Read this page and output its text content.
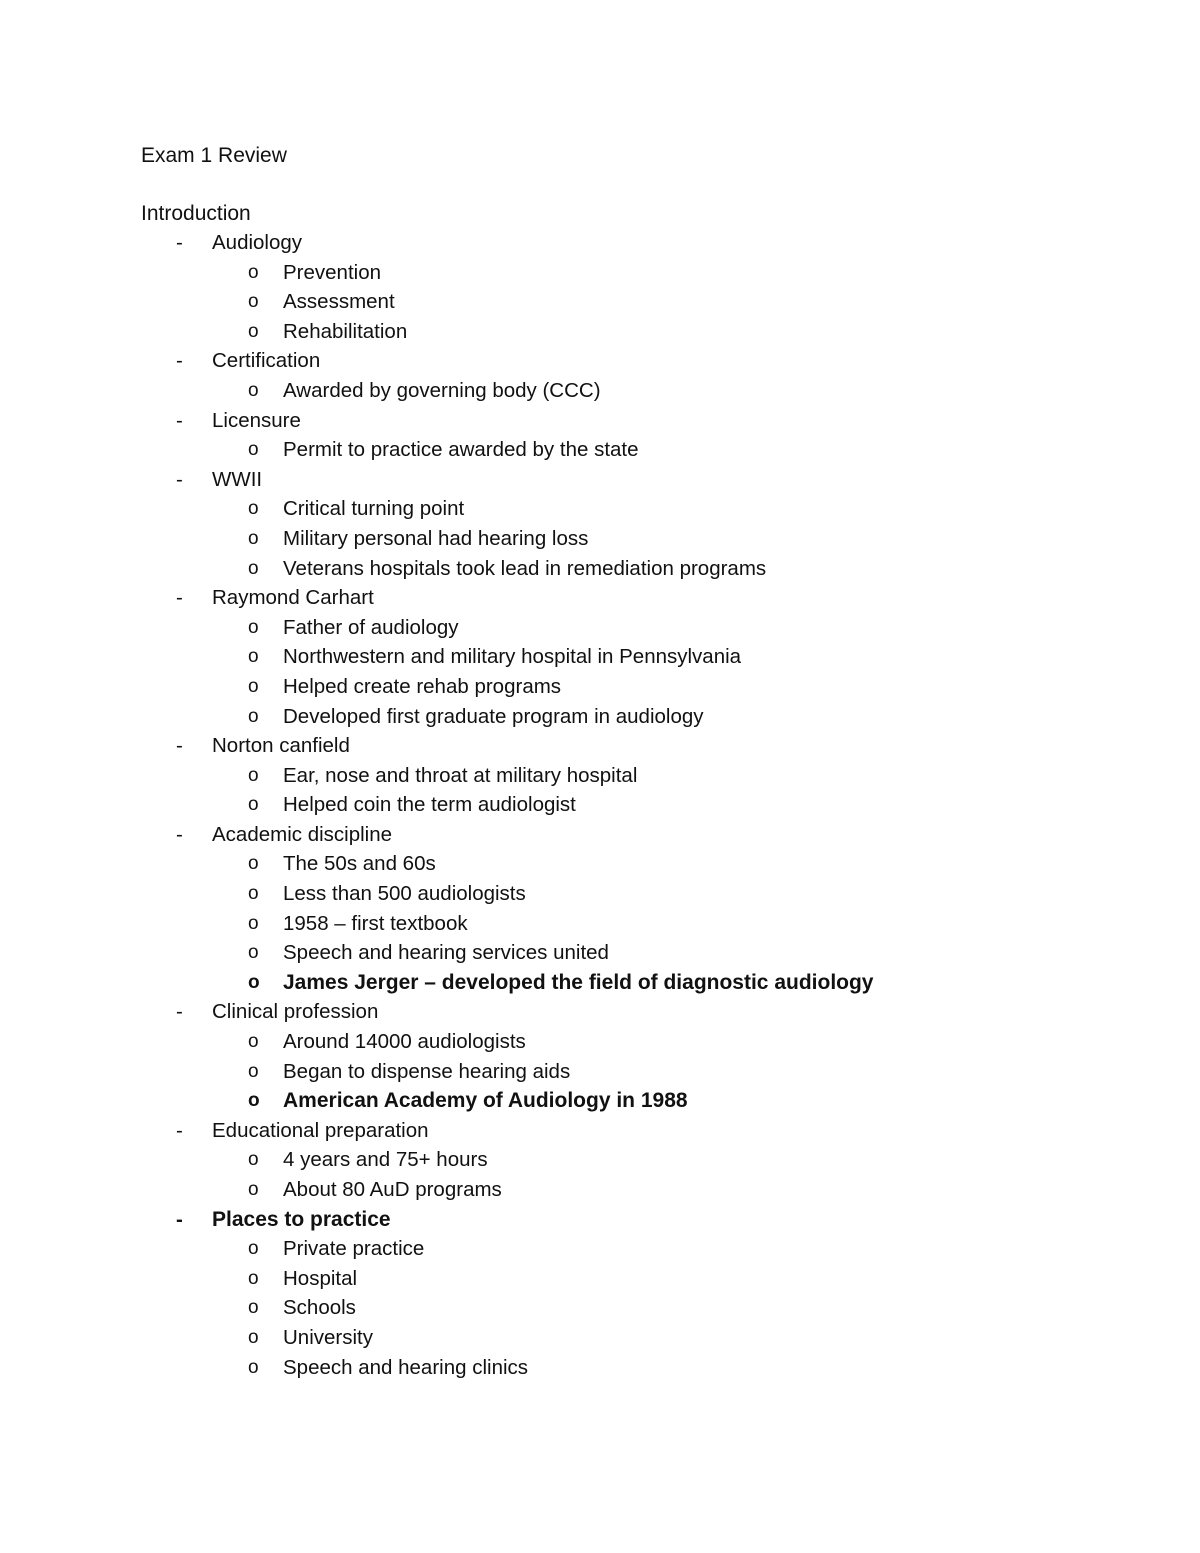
Exam 1 Review
Introduction
- Audiology
o Prevention
o Assessment
o Rehabilitation
- Certification
o Awarded by governing body (CCC)
- Licensure
o Permit to practice awarded by the state
- WWII
o Critical turning point
o Military personal had hearing loss
o Veterans hospitals took lead in remediation programs
- Raymond Carhart
o Father of audiology
o Northwestern and military hospital in Pennsylvania
o Helped create rehab programs
o Developed first graduate program in audiology
- Norton canfield
o Ear, nose and throat at military hospital
o Helped coin the term audiologist
- Academic discipline
o The 50s and 60s
o Less than 500 audiologists
o 1958 – first textbook
o Speech and hearing services united
o James Jerger – developed the field of diagnostic audiology
- Clinical profession
o Around 14000 audiologists
o Began to dispense hearing aids
o American Academy of Audiology in 1988
- Educational preparation
o 4 years and 75+ hours
o About 80 AuD programs
- Places to practice
o Private practice
o Hospital
o Schools
o University
o Speech and hearing clinics
